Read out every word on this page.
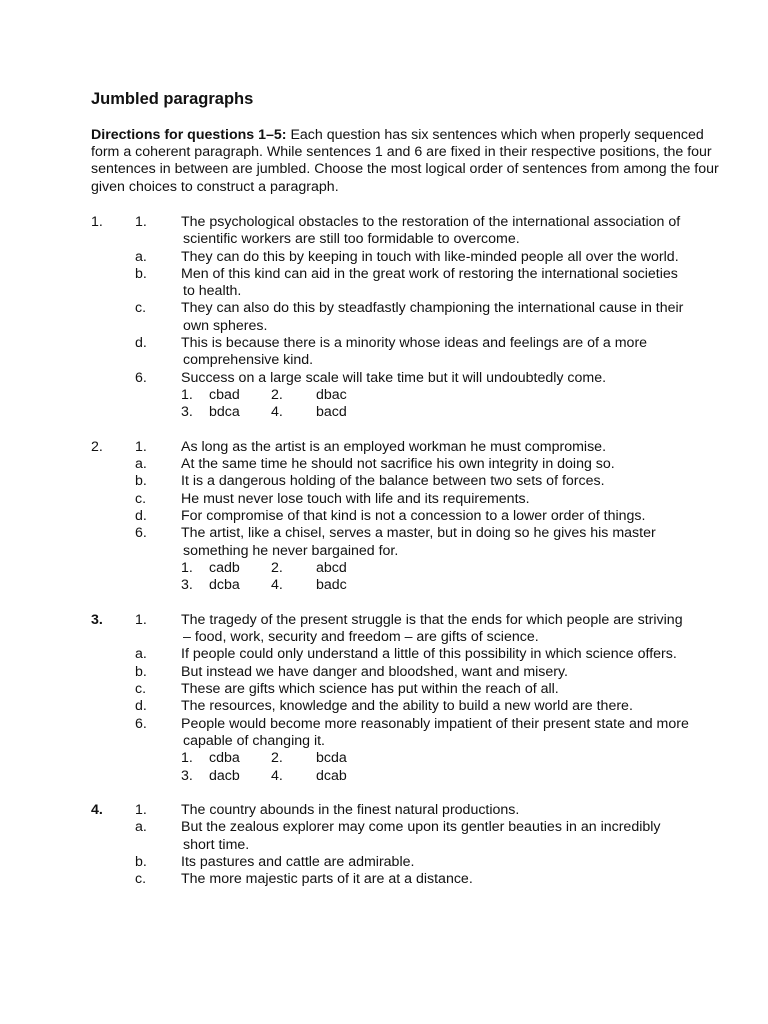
Jumbled paragraphs

Directions for questions 1–5: Each question has six sentences which when properly sequenced form a coherent paragraph. While sentences 1 and 6 are fixed in their respective positions, the four sentences in between are jumbled. Choose the most logical order of sentences from among the four given choices to construct a paragraph.

1. 1. The psychological obstacles to the restoration of the international association of
scientific workers are still too formidable to overcome.
a. They can do this by keeping in touch with like-minded people all over the world.
b. Men of this kind can aid in the great work of restoring the international societies
to health.
c. They can also do this by steadfastly championing the international cause in their
own spheres.
d. This is because there is a minority whose ideas and feelings are of a more
comprehensive kind.
6. Success on a large scale will take time but it will undoubtedly come.
1. cbad 2. dbac
3. bdca 4. bacd
2. 1. As long as the artist is an employed workman he must compromise.
a. At the same time he should not sacrifice his own integrity in doing so.
b. It is a dangerous holding of the balance between two sets of forces.
c. He must never lose touch with life and its requirements.
d. For compromise of that kind is not a concession to a lower order of things.
6. The artist, like a chisel, serves a master, but in doing so he gives his master
something he never bargained for.
1. cadb 2. abcd
3. dcba 4. badc
3. 1. The tragedy of the present struggle is that the ends for which people are striving
– food, work, security and freedom – are gifts of science.
a. If people could only understand a little of this possibility in which science offers.
b. But instead we have danger and bloodshed, want and misery.
c. These are gifts which science has put within the reach of all.
d. The resources, knowledge and the ability to build a new world are there.
6. People would become more reasonably impatient of their present state and more
capable of changing it.
1. cdba 2. bcda
3. dacb 4. dcab
4. 1. The country abounds in the finest natural productions.
a. But the zealous explorer may come upon its gentler beauties in an incredibly
short time.
b. Its pastures and cattle are admirable.
c. The more majestic parts of it are at a distance.
